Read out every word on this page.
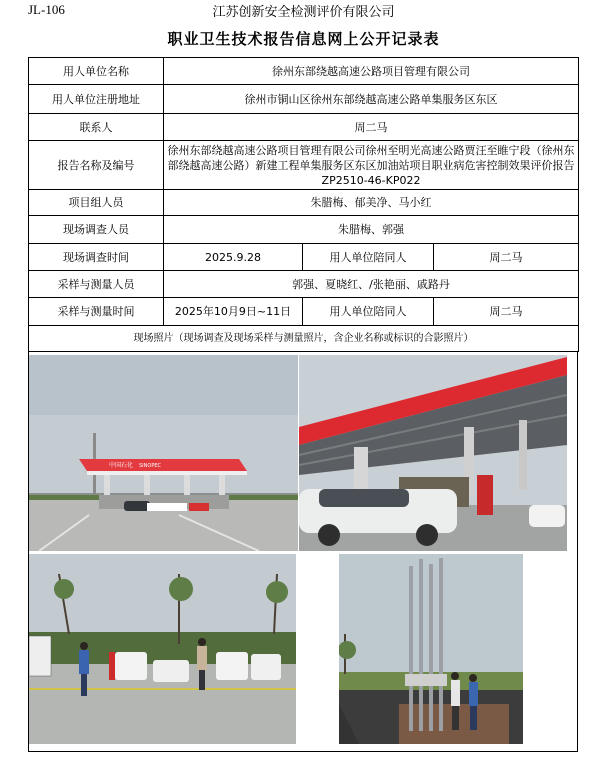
JL-106	江苏创新安全检测评价有限公司
职业卫生技术报告信息网上公开记录表
用人单位名称	徐州东部绕越高速公路项目管理有限公司		
用人单位注册地址	徐州市铜山区徐州东部绕越高速公路单集服务区东区		
联系人	周二马		
报告名称及编号	徐州东部绕越高速公路项目管理有限公司徐州至明光高速公路贾汪至睢宁段（徐州东部绕越高速公路）新建工程单集服务区东区加油站项目职业病危害控制效果评价报告ZP2510-46-KP022		
项目组人员	朱腊梅、郁美净、马小红		
现场调查人员	朱腊梅、郭强		
现场调查时间	2025.9.28	用人单位陪同人	周二马
采样与测量人员	郭强、夏晓红、/张艳丽、戚路丹		
采样与测量时间	2025年10月9日~11日	用人单位陪同人	周二马
现场照片（现场调查及现场采样与测量照片，含企业名称或标识的合影照片）			
中国石化 SINOPEC
